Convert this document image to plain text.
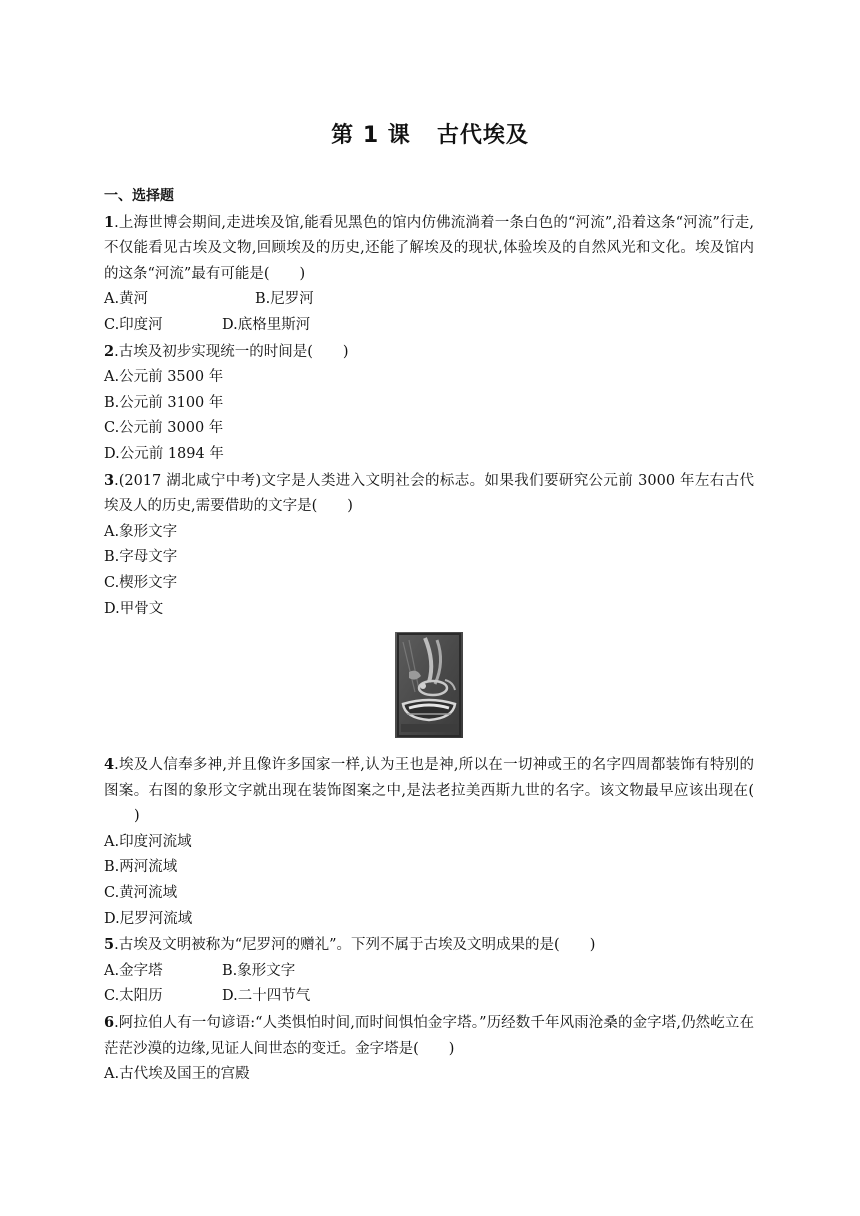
第 1 课 古代埃及
一、选择题

1.上海世博会期间,走进埃及馆,能看见黑色的馆内仿佛流淌着一条白色的“河流”,沿着这条“河流”行走,不仅能看见古埃及文物,回顾埃及的历史,还能了解埃及的现状,体验埃及的自然风光和文化。埃及馆内的这条“河流”最有可能是( )

A.黄河	B.尼罗河
C.印度河	D.底格里斯河

2.古埃及初步实现统一的时间是( )

A.公元前 3500 年

B.公元前 3100 年

C.公元前 3000 年

D.公元前 1894 年

3.(2017 湖北咸宁中考)文字是人类进入文明社会的标志。如果我们要研究公元前 3000 年左右古代埃及人的历史,需要借助的文字是( )

A.象形文字

B.字母文字

C.楔形文字

D.甲骨文

4.埃及人信奉多神,并且像许多国家一样,认为王也是神,所以在一切神或王的名字四周都装饰有特别的图案。右图的象形文字就出现在装饰图案之中,是法老拉美西斯九世的名字。该文物最早应该出现在()

A.印度河流域

B.两河流域

C.黄河流域

D.尼罗河流域

5.古埃及文明被称为“尼罗河的赠礼”。下列不属于古埃及文明成果的是( )

A.金字塔	B.象形文字
C.太阳历	D.二十四节气

6.阿拉伯人有一句谚语:“人类惧怕时间,而时间惧怕金字塔。”历经数千年风雨沧桑的金字塔,仍然屹立在茫茫沙漠的边缘,见证人间世态的变迁。金字塔是( )

A.古代埃及国王的宫殿
